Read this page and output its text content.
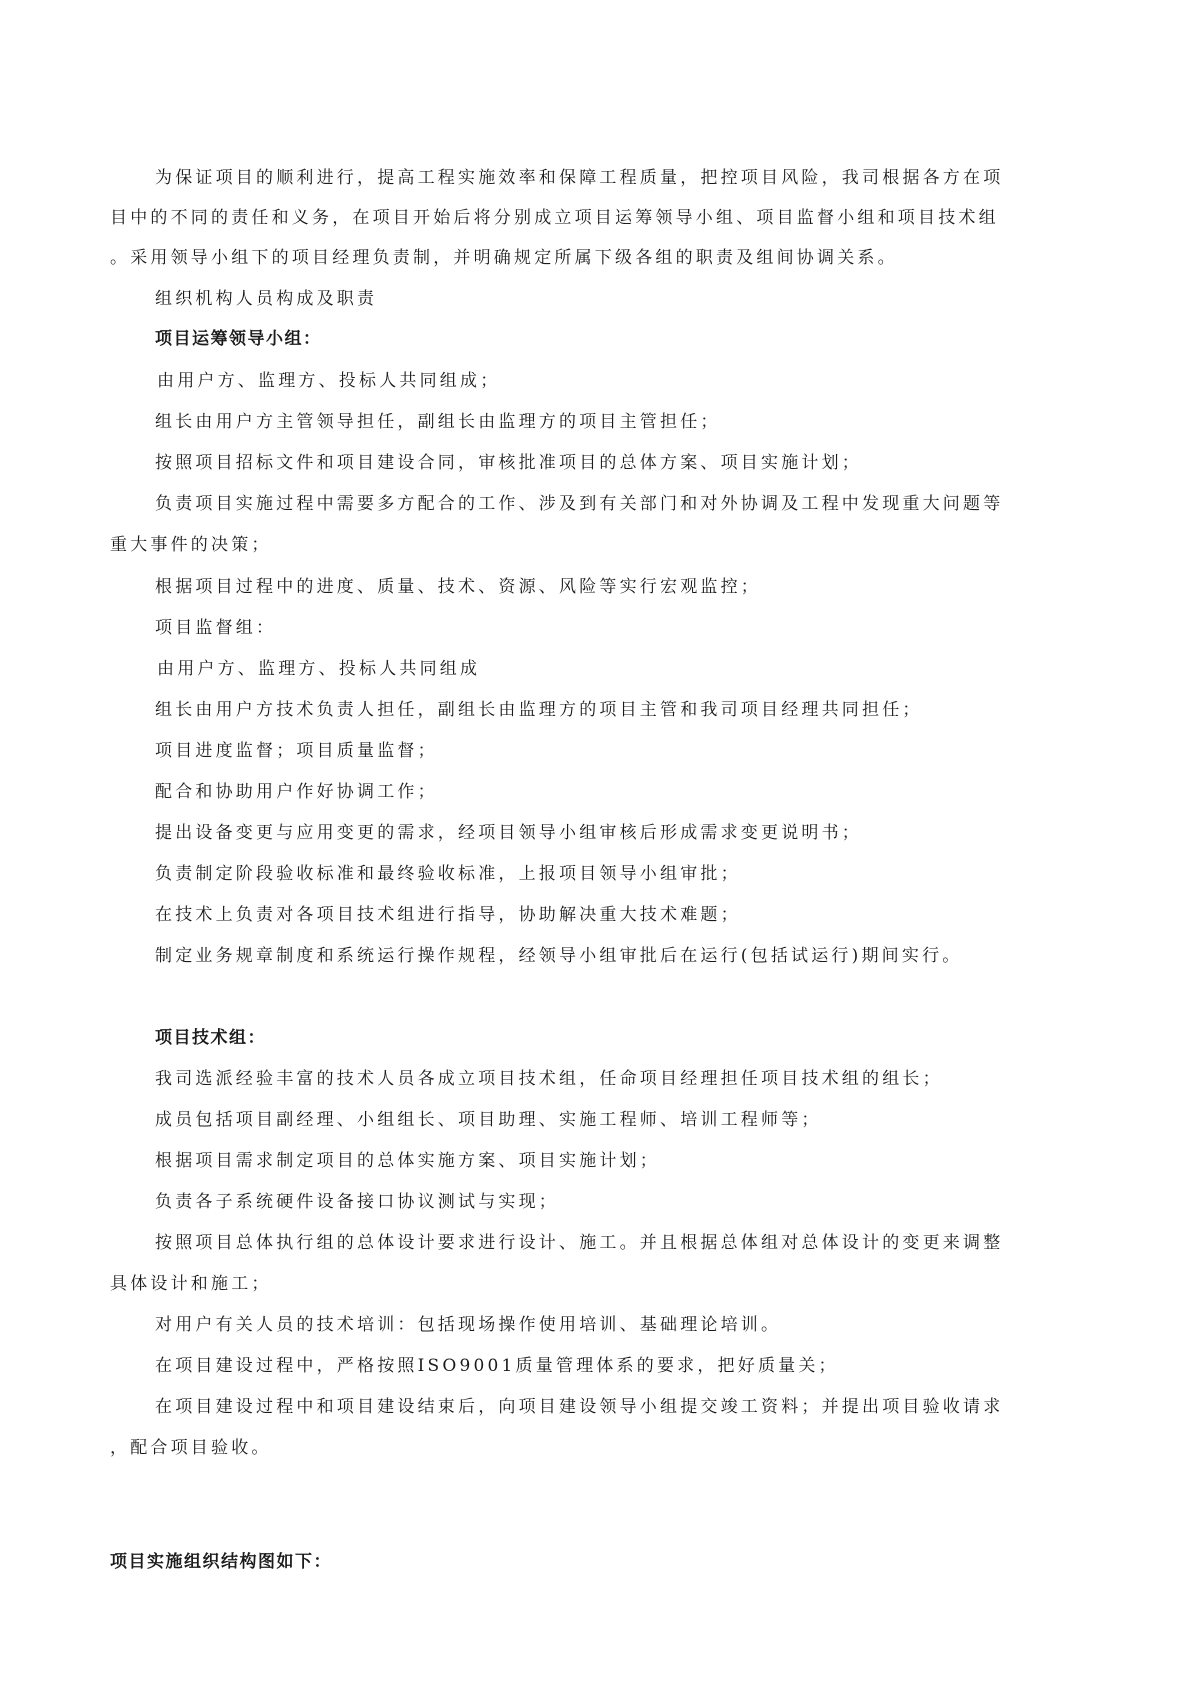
为保证项目的顺利进行，提高工程实施效率和保障工程质量，把控项目风险，我司根据各方在项
目中的不同的责任和义务，在项目开始后将分别成立项目运筹领导小组、项目监督小组和项目技术组
。采用领导小组下的项目经理负责制，并明确规定所属下级各组的职责及组间协调关系。
组织机构人员构成及职责
项目运筹领导小组：
由用户方、监理方、投标人共同组成；
组长由用户方主管领导担任，副组长由监理方的项目主管担任；
按照项目招标文件和项目建设合同，审核批准项目的总体方案、项目实施计划；
负责项目实施过程中需要多方配合的工作、涉及到有关部门和对外协调及工程中发现重大问题等
重大事件的决策；
根据项目过程中的进度、质量、技术、资源、风险等实行宏观监控；
项目监督组：
由用户方、监理方、投标人共同组成
组长由用户方技术负责人担任，副组长由监理方的项目主管和我司项目经理共同担任；
项目进度监督；项目质量监督；
配合和协助用户作好协调工作；
提出设备变更与应用变更的需求，经项目领导小组审核后形成需求变更说明书；
负责制定阶段验收标准和最终验收标准，上报项目领导小组审批；
在技术上负责对各项目技术组进行指导，协助解决重大技术难题；
制定业务规章制度和系统运行操作规程，经领导小组审批后在运行(包括试运行)期间实行。
项目技术组：
我司选派经验丰富的技术人员各成立项目技术组，任命项目经理担任项目技术组的组长；
成员包括项目副经理、小组组长、项目助理、实施工程师、培训工程师等；
根据项目需求制定项目的总体实施方案、项目实施计划；
负责各子系统硬件设备接口协议测试与实现；
按照项目总体执行组的总体设计要求进行设计、施工。并且根据总体组对总体设计的变更来调整
具体设计和施工；
对用户有关人员的技术培训：包括现场操作使用培训、基础理论培训。
在项目建设过程中，严格按照ISO9001质量管理体系的要求，把好质量关；
在项目建设过程中和项目建设结束后，向项目建设领导小组提交竣工资料；并提出项目验收请求
，配合项目验收。
项目实施组织结构图如下：
